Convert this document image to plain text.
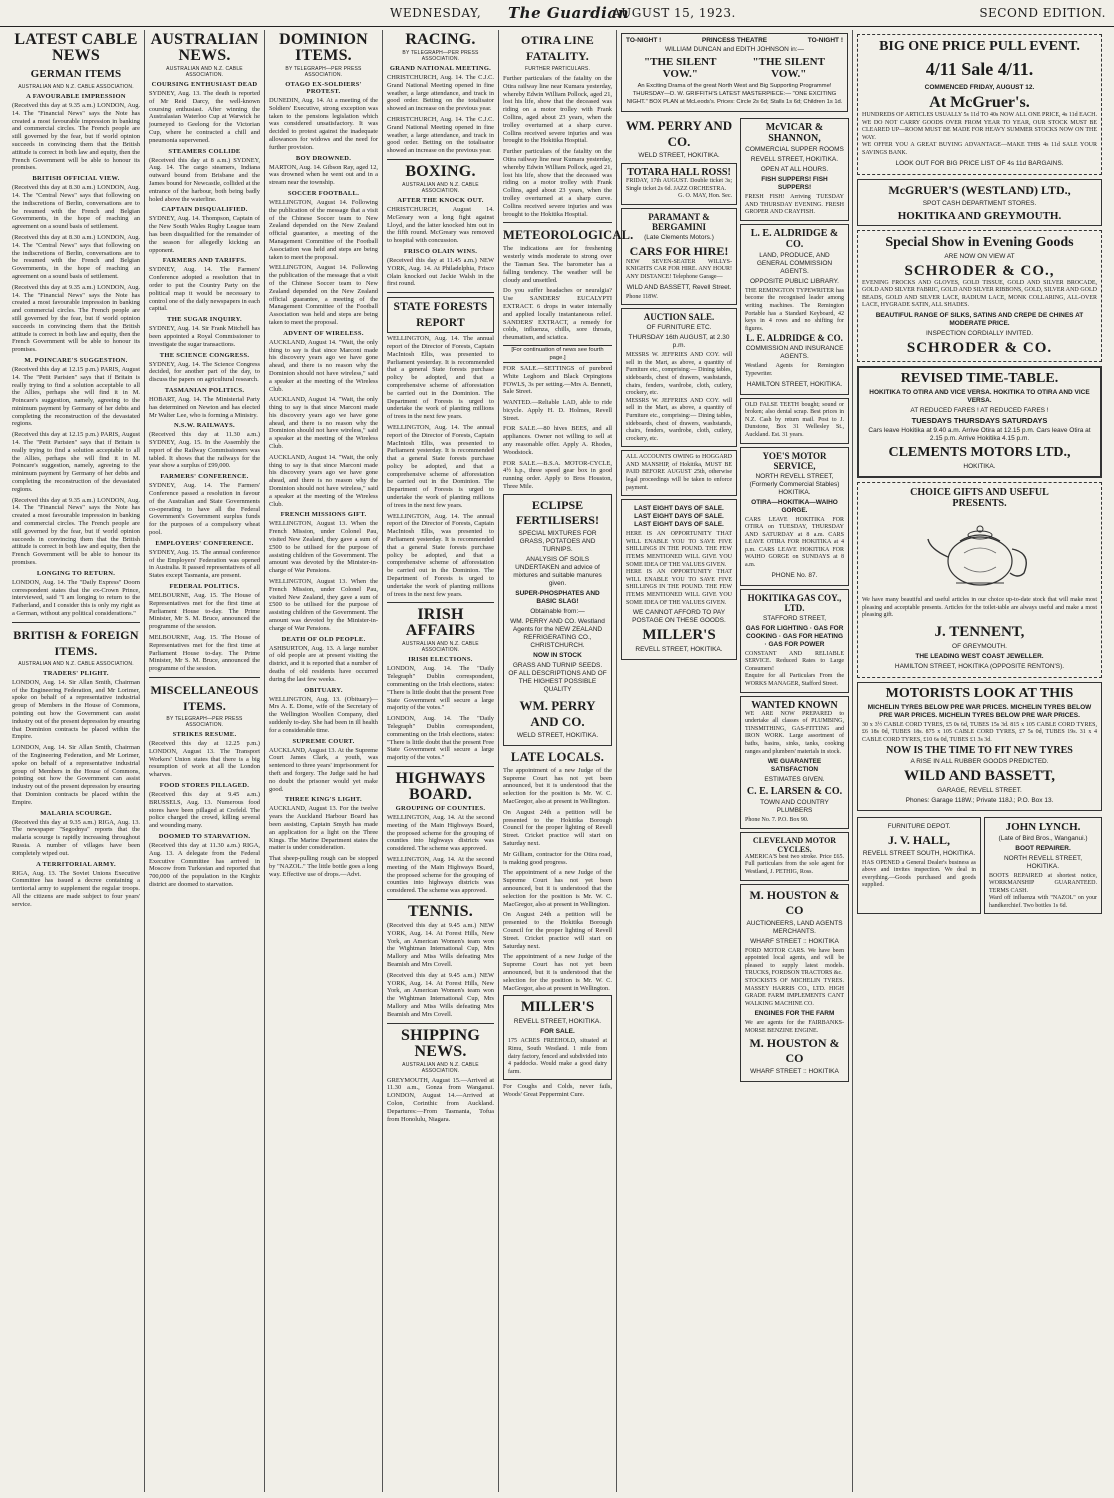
WEDNESDAY, The Guardian
AUGUST 15, 1923.	SECOND EDITION.
LATEST CABLE NEWS
GERMAN ITEMS
AUSTRALIAN AND N.Z. CABLE ASSOCIATION.
A FAVOURABLE IMPRESSION
(Received this day at 9.35 a.m.) LONDON, Aug. 14. The "Financial News" says the Note has created a most favourable impression in banking and commercial circles. The French people are still governed by the fear, but if world opinion succeeds in convincing them that the British attitude is correct in both law and equity, then the French Government will be able to honour its promises.
BRITISH OFFICIAL VIEW.
(Received this day at 8.30 a.m.) LONDON, Aug. 14. The "Central News" says that following on the indiscretions of Berlin, conversations are to be resumed with the French and Belgian Governments, in the hope of reaching an agreement on a sound basis of settlement.
(Received this day at 8.30 a.m.) LONDON, Aug. 14. The "Central News" says that following on the indiscretions of Berlin, conversations are to be resumed with the French and Belgian Governments, in the hope of reaching an agreement on a sound basis of settlement.
(Received this day at 9.35 a.m.) LONDON, Aug. 14. The "Financial News" says the Note has created a most favourable impression in banking and commercial circles. The French people are still governed by the fear, but if world opinion succeeds in convincing them that the British attitude is correct in both law and equity, then the French Government will be able to honour its promises.
M. POINCARE'S SUGGESTION.
(Received this day at 12.15 p.m.) PARIS, August 14. The "Petit Parisien" says that if Britain is really trying to find a solution acceptable to all the Allies, perhaps she will find it in M. Poincare's suggestion, namely, agreeing to the minimum payment by Germany of her debts and completing the reconstruction of the devastated regions.
(Received this day at 12.15 p.m.) PARIS, August 14. The "Petit Parisien" says that if Britain is really trying to find a solution acceptable to all the Allies, perhaps she will find it in M. Poincare's suggestion, namely, agreeing to the minimum payment by Germany of her debts and completing the reconstruction of the devastated regions.
(Received this day at 9.35 a.m.) LONDON, Aug. 14. The "Financial News" says the Note has created a most favourable impression in banking and commercial circles. The French people are still governed by the fear, but if world opinion succeeds in convincing them that the British attitude is correct in both law and equity, then the French Government will be able to honour its promises.
LONGING TO RETURN.
LONDON, Aug. 14. The "Daily Express" Doorn correspondent states that the ex-Crown Prince, interviewed, said "I am longing to return to the Fatherland, and I consider this is only my right as a German, without any political considerations."
BRITISH & FOREIGN ITEMS.
AUSTRALIAN AND N.Z. CABLE ASSOCIATION.
TRADERS' PLIGHT.
LONDON, Aug. 14. Sir Allan Smith, Chairman of the Engineering Federation, and Mr Lorimer, spoke on behalf of a representative industrial group of Members in the House of Commons, pointing out how the Government can assist industry out of the present depression by ensuring that Dominion contracts be placed within the Empire.
LONDON, Aug. 14. Sir Allan Smith, Chairman of the Engineering Federation, and Mr Lorimer, spoke on behalf of a representative industrial group of Members in the House of Commons, pointing out how the Government can assist industry out of the present depression by ensuring that Dominion contracts be placed within the Empire.
MALARIA SCOURGE.
(Received this day at 9.35 a.m.) RIGA, Aug. 13. The newspaper "Segodnya" reports that the malaria scourge is rapidly increasing throughout Russia. A number of villages have been completely wiped out.
A TERRITORIAL ARMY.
RIGA, Aug. 13. The Soviet Unions Executive Committee has issued a decree containing a territorial army to supplement the regular troops. All the citizens are made subject to four years' service.
AUSTRALIAN NEWS.
AUSTRALIAN AND N.Z. CABLE ASSOCIATION.
COURSING ENTHUSIAST DEAD
SYDNEY, Aug. 13. The death is reported of Mr Reid Darcy, the well-known coursing enthusiast. After winning the Australasian Waterloo Cup at Warwick he journeyed to Geelong for the Victorian Cup, where he contracted a chill and pneumonia supervened.
STEAMERS COLLIDE
(Received this day at 8 a.m.) SYDNEY, Aug. 14. The cargo steamers, Indiana outward bound from Brisbane and the James bound for Newcastle, collided at the entrance of the harbour, both being badly holed above the waterline.
CAPTAIN DISQUALIFIED.
SYDNEY, Aug. 14. Thompson, Captain of the New South Wales Rugby League team has been disqualified for the remainder of the season for allegedly kicking an opponent.
FARMERS AND TARIFFS.
SYDNEY, Aug. 14. The Farmers' Conference adopted a resolution that in order to put the Country Party on the political map it would be necessary to control one of the daily newspapers in each capital.
THE SUGAR INQUIRY.
SYDNEY, Aug. 14. Sir Frank Mitchell has been appointed a Royal Commissioner to investigate the sugar transactions.
THE SCIENCE CONGRESS.
SYDNEY, Aug. 14. The Science Congress decided, for another part of the day, to discuss the papers on agricultural research.
TASMANIAN POLITICS.
HOBART, Aug. 14. The Ministerial Party has determined on Newton and has elected Mr Walter Lee, who is forming a Ministry.
N.S.W. RAILWAYS.
(Received this day at 11.30 a.m.) SYDNEY, Aug. 15. In the Assembly the report of the Railway Commissioners was tabled. It shows that the railways for the year show a surplus of £99,000.
FARMERS' CONFERENCE.
SYDNEY, Aug. 14. The Farmers' Conference passed a resolution in favour of the Australian and State Governments co-operating to have all the Federal Government's Government surplus funds for the purposes of a compulsory wheat pool.
EMPLOYERS' CONFERENCE.
SYDNEY, Aug. 15. The annual conference of the Employers' Federation was opened in Australia. It passed representatives of all States except Tasmania, are present.
FEDERAL POLITICS.
MELBOURNE, Aug. 15. The House of Representatives met for the first time at Parliament House to-day. The Prime Minister, Mr S. M. Bruce, announced the programme of the session.
MELBOURNE, Aug. 15. The House of Representatives met for the first time at Parliament House to-day. The Prime Minister, Mr S. M. Bruce, announced the programme of the session.
MISCELLANEOUS ITEMS.
BY TELEGRAPH—PER PRESS ASSOCIATION.
STRIKES RESUME.
(Received this day at 12.25 p.m.) LONDON, August 13. The Transport Workers' Union states that there is a big resumption of work at all the London wharves.
FOOD STORES PILLAGED.
(Received this day at 9.45 a.m.) BRUSSELS, Aug. 13. Numerous food stores have been pillaged at Crefeld. The police charged the crowd, killing several and wounding many.
DOOMED TO STARVATION.
(Received this day at 11.30 a.m.) RIGA, Aug. 13. A delegate from the Federal Executive Committee has arrived in Moscow from Turkestan and reported that 700,000 of the population in the Kirghiz district are doomed to starvation.
DOMINION ITEMS.
BY TELEGRAPH—PER PRESS ASSOCIATION.
OTAGO EX-SOLDIERS' PROTEST.
DUNEDIN, Aug. 14. At a meeting of the Soldiers' Executive, strong exception was taken to the pensions legislation which was considered unsatisfactory. It was decided to protest against the inadequate allowances for widows and the need for further provision.
BOY DROWNED.
MARTON, Aug. 14. Gibson Ray, aged 12, was drowned when he went out and in a stream near the township.
SOCCER FOOTBALL.
WELLINGTON, August 14. Following the publication of the message that a visit of the Chinese Soccer team to New Zealand depended on the New Zealand official guarantee, a meeting of the Management Committee of the Football Association was held and steps are being taken to meet the proposal.
WELLINGTON, August 14. Following the publication of the message that a visit of the Chinese Soccer team to New Zealand depended on the New Zealand official guarantee, a meeting of the Management Committee of the Football Association was held and steps are being taken to meet the proposal.
ADVENT OF WIRELESS.
AUCKLAND, August 14. "Wait, the only thing to say is that since Marconi made his discovery years ago we have gone ahead, and there is no reason why the Dominion should not have wireless," said a speaker at the meeting of the Wireless Club.
AUCKLAND, August 14. "Wait, the only thing to say is that since Marconi made his discovery years ago we have gone ahead, and there is no reason why the Dominion should not have wireless," said a speaker at the meeting of the Wireless Club.
AUCKLAND, August 14. "Wait, the only thing to say is that since Marconi made his discovery years ago we have gone ahead, and there is no reason why the Dominion should not have wireless," said a speaker at the meeting of the Wireless Club.
FRENCH MISSIONS GIFT.
WELLINGTON, August 13. When the French Mission, under Colonel Pau, visited New Zealand, they gave a sum of £500 to be utilised for the purpose of assisting children of the Government. The amount was devoted by the Minister-in-charge of War Pensions.
WELLINGTON, August 13. When the French Mission, under Colonel Pau, visited New Zealand, they gave a sum of £500 to be utilised for the purpose of assisting children of the Government. The amount was devoted by the Minister-in-charge of War Pensions.
DEATH OF OLD PEOPLE.
ASHBURTON, Aug. 13. A large number of old people are at present visiting the district, and it is reported that a number of deaths of old residents have occurred during the last few weeks.
OBITUARY.
WELLINGTON, Aug. 13. (Obituary)—Mrs A. E. Dome, wife of the Secretary of the Wellington Woollen Company, died suddenly to-day. She had been in ill health for a considerable time.
SUPREME COURT.
AUCKLAND, August 13. At the Supreme Court James Clark, a youth, was sentenced to three years' imprisonment for theft and forgery. The Judge said he had no doubt the prisoner would yet make good.
THREE KING'S LIGHT.
AUCKLAND, August 13. For the twelve years the Auckland Harbour Board has been assisting, Captain Smyth has made an application for a light on the Three Kings. The Marine Department states the matter is under consideration.
That sheep-pulling rough can be stopped by "NAZOL." The little bottle goes a long way. Effective use of drops.—Advt.
RACING.
BY TELEGRAPH—PER PRESS ASSOCIATION.
GRAND NATIONAL MEETING.
CHRISTCHURCH, Aug. 14. The C.J.C. Grand National Meeting opened in fine weather, a large attendance, and track in good order. Betting on the totalisator showed an increase on the previous year.
CHRISTCHURCH, Aug. 14. The C.J.C. Grand National Meeting opened in fine weather, a large attendance, and track in good order. Betting on the totalisator showed an increase on the previous year.
BOXING.
AUSTRALIAN AND N.Z. CABLE ASSOCIATION.
AFTER THE KNOCK OUT.
CHRISTCHURCH, August 14. McGreary won a long fight against Lloyd, and the latter knocked him out in the fifth round. McGreary was removed to hospital with concussion.
FRISCO OLAIN WINS.
(Received this day at 11.45 a.m.) NEW YORK, Aug. 14. At Philadelphia, Frisco Olain knocked out Jackie Walsh in the first round.
STATE FORESTS REPORT
WELLINGTON, Aug. 14. The annual report of the Director of Forests, Captain MacIntosh Ellis, was presented to Parliament yesterday. It is recommended that a general State forests purchase policy be adopted, and that a comprehensive scheme of afforestation be carried out in the Dominion. The Department of Forests is urged to undertake the work of planting millions of trees in the next few years.
WELLINGTON, Aug. 14. The annual report of the Director of Forests, Captain MacIntosh Ellis, was presented to Parliament yesterday. It is recommended that a general State forests purchase policy be adopted, and that a comprehensive scheme of afforestation be carried out in the Dominion. The Department of Forests is urged to undertake the work of planting millions of trees in the next few years.
WELLINGTON, Aug. 14. The annual report of the Director of Forests, Captain MacIntosh Ellis, was presented to Parliament yesterday. It is recommended that a general State forests purchase policy be adopted, and that a comprehensive scheme of afforestation be carried out in the Dominion. The Department of Forests is urged to undertake the work of planting millions of trees in the next few years.
IRISH AFFAIRS
AUSTRALIAN AND N.Z. CABLE ASSOCIATION.
IRISH ELECTIONS.
LONDON, Aug. 14. The "Daily Telegraph" Dublin correspondent, commenting on the Irish elections, states: "There is little doubt that the present Free State Government will secure a large majority of the votes."
LONDON, Aug. 14. The "Daily Telegraph" Dublin correspondent, commenting on the Irish elections, states: "There is little doubt that the present Free State Government will secure a large majority of the votes."
HIGHWAYS BOARD.
GROUPING OF COUNTIES.
WELLINGTON, Aug. 14. At the second meeting of the Main Highways Board, the proposed scheme for the grouping of counties into highways districts was considered. The scheme was approved.
WELLINGTON, Aug. 14. At the second meeting of the Main Highways Board, the proposed scheme for the grouping of counties into highways districts was considered. The scheme was approved.
TENNIS.
(Received this day at 9.45 a.m.) NEW YORK, Aug. 14. At Forest Hills, New York, an American Women's team won the Wightman International Cup, Mrs Mallory and Miss Wills defeating Mrs Beamish and Mrs Covell.
(Received this day at 9.45 a.m.) NEW YORK, Aug. 14. At Forest Hills, New York, an American Women's team won the Wightman International Cup, Mrs Mallory and Miss Wills defeating Mrs Beamish and Mrs Covell.
SHIPPING NEWS.
AUSTRALIAN AND N.Z. CABLE ASSOCIATION.
GREYMOUTH, August 15.—Arrived at 11.30 a.m., Gonza from Wanganui. LONDON, August 14.—Arrived at Colon, Corinthic from Auckland. Departures:—From Tasmania, Tofua from Honolulu, Niagara.
OTIRA LINE FATALITY.
FURTHER PARTICULARS.
Further particulars of the fatality on the Otira railway line near Kumara yesterday, whereby Edwin William Pollock, aged 21, lost his life, show that the deceased was riding on a motor trolley with Frank Collins, aged about 23 years, when the trolley overturned at a sharp curve. Collins received severe injuries and was brought to the Hokitika Hospital.
Further particulars of the fatality on the Otira railway line near Kumara yesterday, whereby Edwin William Pollock, aged 21, lost his life, show that the deceased was riding on a motor trolley with Frank Collins, aged about 23 years, when the trolley overturned at a sharp curve. Collins received severe injuries and was brought to the Hokitika Hospital.
METEOROLOGICAL.
The indications are for freshening westerly winds moderate to strong over the Tasman Sea. The barometer has a falling tendency. The weather will be cloudy and unsettled.
Do you suffer headaches or neuralgia? Use SANDERS' EUCALYPTI EXTRACT. 6 drops in water internally and applied locally instantaneous relief. SANDERS' EXTRACT, a remedy for colds, influenza, chills, sore throats, rheumatism, and sciatica.
[For continuation of news see fourth page.]
FOR SALE.—SETTINGS of purebred White Leghorn and Black Orpingtons FOWLS, 3s per setting.—Mrs A. Bennett, Sale Street.
WANTED.—Reliable LAD, able to ride bicycle. Apply H. D. Holmes, Revell Street.
FOR SALE.—80 hives BEES, and all appliances. Owner not willing to sell at any reasonable offer. Apply A. Rhodes, Woodstock.
FOR SALE.—B.S.A. MOTOR-CYCLE, 4½ h.p., three speed gear box in good running order. Apply to Bros Houston, Three Mile.
ECLIPSE FERTILISERS!
SPECIAL MIXTURES FOR GRASS, POTATOES AND TURNIPS.
ANALYSIS OF SOILS UNDERTAKEN and advice of mixtures and suitable manures given.
SUPER-PHOSPHATES AND BASIC SLAG!
Obtainable from:—
WM. PERRY AND CO. Westland Agents for the NEW ZEALAND REFRIGERATING CO., CHRISTCHURCH.
NOW IN STOCK
GRASS AND TURNIP SEEDS. OF ALL DESCRIPTIONS AND OF THE HIGHEST POSSIBLE QUALITY
WM. PERRY AND CO.
WELD STREET, HOKITIKA.
LATE LOCALS.
The appointment of a new Judge of the Supreme Court has not yet been announced, but it is understood that the selection for the position is Mr. W. C. MacGregor, also at present in Wellington.
On August 24th a petition will be presented to the Hokitika Borough Council for the proper lighting of Revell Street. Cricket practice will start on Saturday next.
Mr Gilliam, contractor for the Otira road, is making good progress.
The appointment of a new Judge of the Supreme Court has not yet been announced, but it is understood that the selection for the position is Mr. W. C. MacGregor, also at present in Wellington.
On August 24th a petition will be presented to the Hokitika Borough Council for the proper lighting of Revell Street. Cricket practice will start on Saturday next.
The appointment of a new Judge of the Supreme Court has not yet been announced, but it is understood that the selection for the position is Mr. W. C. MacGregor, also at present in Wellington.
MILLER'S
REVELL STREET, HOKITIKA.
FOR SALE.
175 ACRES FREEHOLD, situated at Rimu, South Westland. 1 mile from dairy factory, fenced and subdivided into 4 paddocks. Would make a good dairy farm.
For Coughs and Colds, never fails, Woods' Great Peppermint Cure.
TO-NIGHT !	PRINCESS THEATRE	TO-NIGHT !
WILLIAM DUNCAN and EDITH JOHNSON in:—
"THE SILENT VOW."
"THE SILENT VOW."
An Exciting Drama of the great North West and Big Supporting Programme! THURSDAY—D. W. GRIFFITH'S LATEST MASTERPIECE:— "ONE EXCITING NIGHT." BOX PLAN at McLeods's. Prices: Circle 2s 6d; Stalls 1s 6d; Children 1s 1d.
WM. PERRY AND CO.
WELD STREET, HOKITIKA.
TOTARA HALL ROSS!
FRIDAY, 17th AUGUST. Double ticket 3s; Single ticket 2s 6d. JAZZ ORCHESTRA.
G. O. MAY, Hon. Sec.
PARAMANT & BERGAMINI
(Late Clements Motors.)
CARS FOR HIRE!
NEW SEVEN-SEATER WILLYS-KNIGHTS CAR FOR HIRE. ANY HOUR! ANY DISTANCE! Telephone Garage—
WILD AND BASSETT, Revell Street.
Phone 118W.
AUCTION SALE.
OF FURNITURE ETC.
THURSDAY 16th AUGUST, at 2.30 p.m.
MESSRS W. JEFFRIES AND COY. will sell in the Mart, as above, a quantity of Furniture etc., comprising:— Dining tables, sideboards, chest of drawers, washstands, chairs, fenders, wardrobe, cloth, cutlery, crockery, etc.
MESSRS W. JEFFRIES AND COY. will sell in the Mart, as above, a quantity of Furniture etc., comprising:— Dining tables, sideboards, chest of drawers, washstands, chairs, fenders, wardrobe, cloth, cutlery, crockery, etc.
ALL ACCOUNTS OWING to HOGGARD AND MANSHIP, of Hokitika, MUST BE PAID BEFORE AUGUST 25th, otherwise legal proceedings will be taken to enforce payment.
LAST EIGHT DAYS OF SALE. LAST EIGHT DAYS OF SALE. LAST EIGHT DAYS OF SALE.
HERE IS AN OPPORTUNITY THAT WILL ENABLE YOU TO SAVE FIVE SHILLINGS IN THE POUND. THE FEW ITEMS MENTIONED WILL GIVE YOU SOME IDEA OF THE VALUES GIVEN.
HERE IS AN OPPORTUNITY THAT WILL ENABLE YOU TO SAVE FIVE SHILLINGS IN THE POUND. THE FEW ITEMS MENTIONED WILL GIVE YOU SOME IDEA OF THE VALUES GIVEN.
WE CANNOT AFFORD TO PAY POSTAGE ON THESE GOODS.
MILLER'S
REVELL STREET, HOKITIKA.
McVICAR & SHANNON,
COMMERCIAL SUPPER ROOMS
REVELL STREET, HOKITIKA.
OPEN AT ALL HOURS.
FISH SUPPERS! FISH SUPPERS!
FRESH FISH! Arriving TUESDAY AND THURSDAY EVENING. FRESH GROPER AND CRAYFISH.
L. E. ALDRIDGE & CO.
LAND, PRODUCE, AND GENERAL COMMISSION AGENTS.
OPPOSITE PUBLIC LIBRARY.
THE REMINGTON TYPEWRITER has become the recognised leader among writing machines. The Remington Portable has a Standard Keyboard, 42 keys in 4 rows and no shifting for figures.
L. E. ALDRIDGE & CO.
COMMISSION AND INSURANCE AGENTS.
Westland Agents for Remington Typewriter.
HAMILTON STREET, HOKITIKA.
OLD FALSE TEETH bought; sound or broken; also dental scrap. Best prices in N.Z. Cash by return mail. Post to J. Dunstone, Box 31 Wellesley St., Auckland. Est. 31 years.
YOE'S MOTOR SERVICE,
NORTH REVELL STREET, (Formerly Commercial Stables) HOKITIKA.
OTIRA—HOKITIKA—WAIHO GORGE.
CARS LEAVE HOKITIKA FOR OTIRA on TUESDAY, THURSDAY AND SATURDAY at 8 a.m. CARS LEAVE OTIRA FOR HOKITIKA at 4 p.m. CARS LEAVE HOKITIKA FOR WAIHO GORGE on SUNDAYS at 8 a.m.
PHONE No. 87.
HOKITIKA GAS COY., LTD.
STAFFORD STREET,
GAS FOR LIGHTING · GAS FOR COOKING · GAS FOR HEATING · GAS FOR POWER
CONSTANT AND RELIABLE SERVICE. Reduced Rates to Large Consumers!
Enquire for all Particulars From the WORKS MANAGER, Stafford Street.
WANTED KNOWN
WE ARE NOW PREPARED to undertake all classes of PLUMBING, TINSMITHING, GAS-FITTING and IRON WORK. Large assortment of baths, basins, sinks, tanks, cooking ranges and plumbers' materials in stock.
WE GUARANTEE SATISFACTION
ESTIMATES GIVEN.
C. E. LARSEN & CO.
TOWN AND COUNTRY PLUMBERS
Phone No. 7. P.O. Box 90.
CLEVELAND MOTOR CYCLES.
AMERICA'S best two stroke. Price £65. Full particulars from the sole agent for Westland, J. PETHIG, Ross.
M. HOUSTON & CO
AUCTIONEERS, LAND AGENTS MERCHANTS.
WHARF STREET :: HOKITIKA
FORD MOTOR CARS. We have been appointed local agents, and will be pleased to supply latest models. TRUCKS, FORDSON TRACTORS &c.
STOCKISTS OF MICHELIN TYRES. MASSEY HARRIS CO., LTD. HIGH GRADE FARM IMPLEMENTS CANT WALKING MACHINE CO.
ENGINES FOR THE FARM
We are agents for the FAIRBANKS-MORSE BENZINE ENGINE.
M. HOUSTON & CO
WHARF STREET :: HOKITIKA
BIG ONE PRICE PULL EVENT.
4/11 Sale 4/11.
COMMENCED FRIDAY, AUGUST 12.
At McGruer's.
HUNDREDS OF ARTICLES USUALLY 5s 11d TO 40s NOW ALL ONE PRICE, 4s 11d EACH. WE DO NOT CARRY GOODS OVER FROM YEAR TO YEAR, OUR STOCK MUST BE CLEARED UP—ROOM MUST BE MADE FOR HEAVY SUMMER STOCKS NOW ON THE WAY.
WE OFFER YOU A GREAT BUYING ADVANTAGE—MAKE THIS 4s 11d SALE YOUR SAVINGS BANK.
LOOK OUT FOR BIG PRICE LIST OF 4s 11d BARGAINS.
McGRUER'S (WESTLAND) LTD.,
SPOT CASH DEPARTMENT STORES.
HOKITIKA AND GREYMOUTH.
Special Show in Evening Goods
ARE NOW ON VIEW AT
SCHRODER & CO.,
EVENING FROCKS AND GLOVES, GOLD TISSUE, GOLD AND SILVER BROCADE, GOLD AND SILVER FABRIC, GOLD AND SILVER RIBBONS, GOLD, SILVER AND GOLD BEADS, GOLD AND SILVER LACE, RADIUM LACE, MONK COLLARING, ALL-OVER LACE, HYGRADE SATIN, ALL SHADES.
BEAUTIFUL RANGE OF SILKS, SATINS AND CREPE DE CHINES AT MODERATE PRICE.
INSPECTION CORDIALLY INVITED.
SCHRODER & CO.
REVISED TIME-TABLE.
HOKITIKA TO OTIRA AND VICE VERSA. HOKITIKA TO OTIRA AND VICE VERSA.
AT REDUCED FARES ! AT REDUCED FARES !
TUESDAYS THURSDAYS SATURDAYS
Cars leave Hokitika at 9.40 a.m. Arrive Otira at 12.15 p.m. Cars leave Otira at 2.15 p.m. Arrive Hokitika 4.15 p.m.
CLEMENTS MOTORS LTD.,
HOKITIKA.
CHOICE GIFTS AND USEFUL
PRESENTS.
We have many beautiful and useful articles in our choice up-to-date stock that will make most pleasing and acceptable presents. Articles for the toilet-table are always useful and make a most pleasing gift.
J. TENNENT,
OF GREYMOUTH.
THE LEADING WEST COAST JEWELLER.
HAMILTON STREET, HOKITIKA (OPPOSITE RENTON'S).
MOTORISTS LOOK AT THIS
MICHELIN TYRES BELOW PRE WAR PRICES. MICHELIN TYRES BELOW PRE WAR PRICES. MICHELIN TYRES BELOW PRE WAR PRICES.
30 x 3½ CABLE CORD TYRES, £5 0s 6d, TUBES 15s 3d. 815 x 105 CABLE CORD TYRES, £6 18s 0d, TUBES 18s. 875 x 105 CABLE CORD TYRES, £7 5s 0d, TUBES 19s. 31 x 4 CABLE CORD TYRES, £10 6s 0d, TUBES £1 3s 3d.
NOW IS THE TIME TO FIT NEW TYRES
A RISE IN ALL RUBBER GOODS PREDICTED.
WILD AND BASSETT,
GARAGE, REVELL STREET.
Phones: Garage 118W.; Private 118J.; P.O. Box 13.
FURNITURE DEPOT.
J. V. HALL,
REVELL STREET SOUTH, HOKITIKA.
HAS OPENED a General Dealer's business as above and invites inspection. We deal in everything.—Goods purchased and goods supplied.
JOHN LYNCH.
(Late of Bird Bros., Wanganui.)
BOOT REPAIRER.
NORTH REVELL STREET, HOKITIKA.
BOOTS REPAIRED at shortest notice, WORKMANSHIP GUARANTEED. TERMS CASH.
Ward off influenza with "NAZOL" on your handkerchief. Two bottles 1s 6d.
